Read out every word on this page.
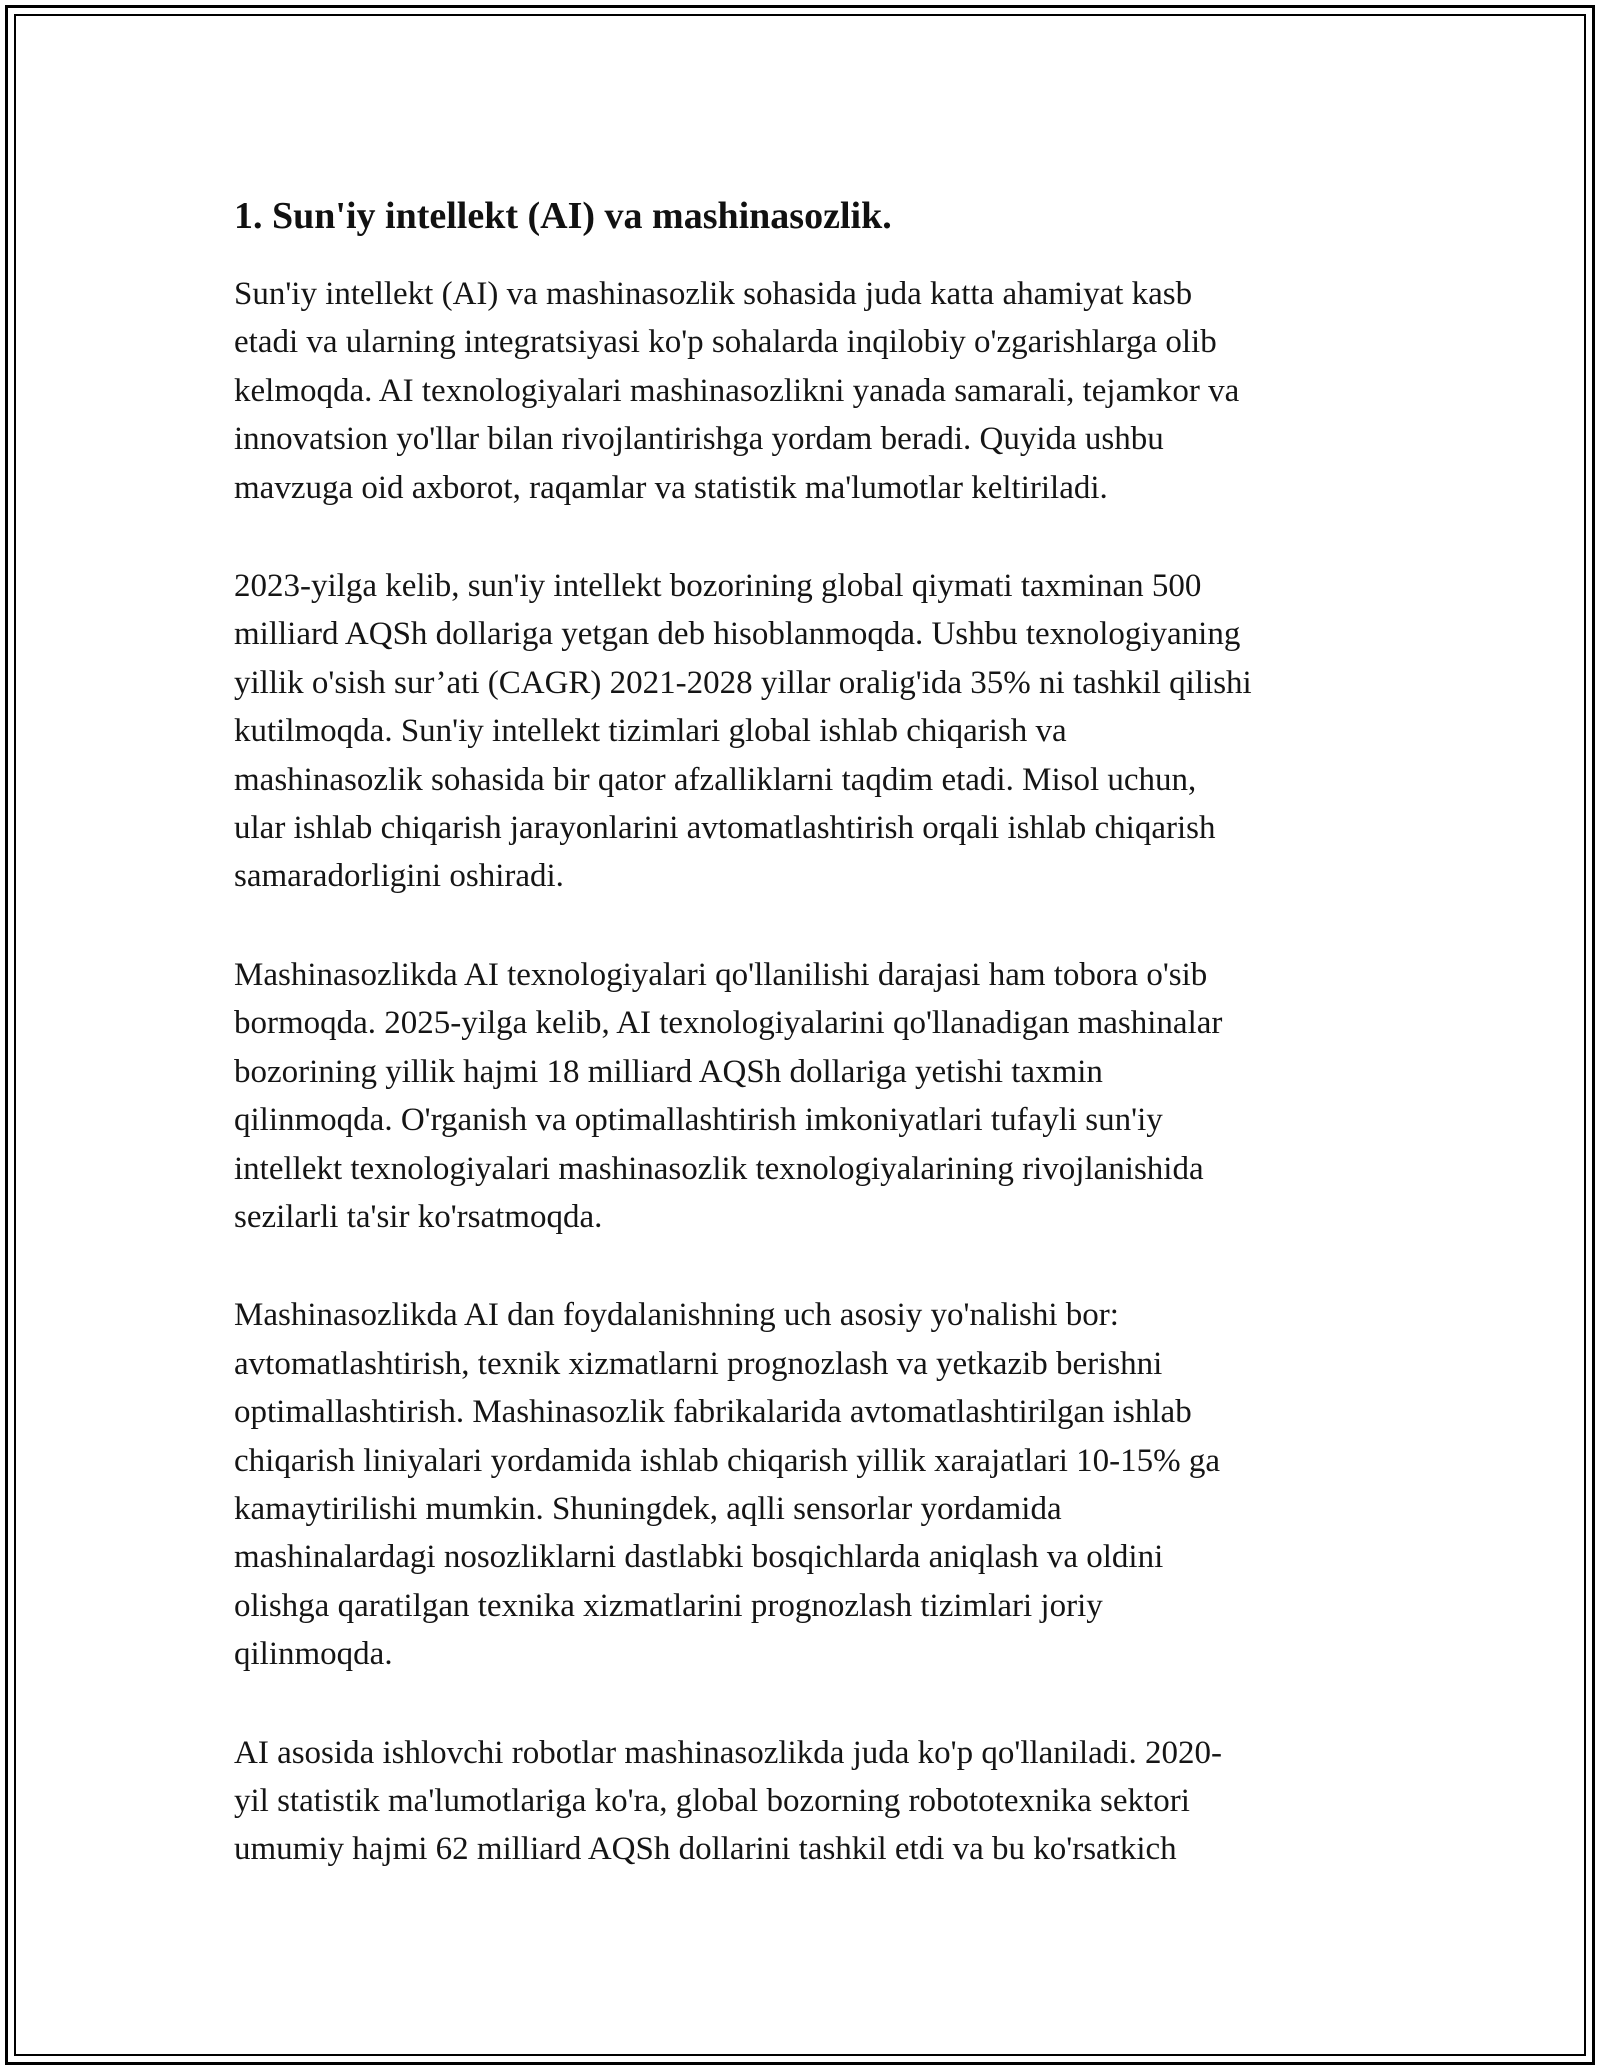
1. Sun'iy intellekt (AI) va mashinasozlik.

Sun'iy intellekt (AI) va mashinasozlik sohasida juda katta ahamiyat kasb
etadi va ularning integratsiyasi ko'p sohalarda inqilobiy o'zgarishlarga olib
kelmoqda. AI texnologiyalari mashinasozlikni yanada samarali, tejamkor va
innovatsion yo'llar bilan rivojlantirishga yordam beradi. Quyida ushbu
mavzuga oid axborot, raqamlar va statistik ma'lumotlar keltiriladi.

2023-yilga kelib, sun'iy intellekt bozorining global qiymati taxminan 500
milliard AQSh dollariga yetgan deb hisoblanmoqda. Ushbu texnologiyaning
yillik o'sish sur’ati (CAGR) 2021-2028 yillar oralig'ida 35% ni tashkil qilishi
kutilmoqda. Sun'iy intellekt tizimlari global ishlab chiqarish va
mashinasozlik sohasida bir qator afzalliklarni taqdim etadi. Misol uchun,
ular ishlab chiqarish jarayonlarini avtomatlashtirish orqali ishlab chiqarish
samaradorligini oshiradi.

Mashinasozlikda AI texnologiyalari qo'llanilishi darajasi ham tobora o'sib
bormoqda. 2025-yilga kelib, AI texnologiyalarini qo'llanadigan mashinalar
bozorining yillik hajmi 18 milliard AQSh dollariga yetishi taxmin
qilinmoqda. O'rganish va optimallashtirish imkoniyatlari tufayli sun'iy
intellekt texnologiyalari mashinasozlik texnologiyalarining rivojlanishida
sezilarli ta'sir ko'rsatmoqda.

Mashinasozlikda AI dan foydalanishning uch asosiy yo'nalishi bor:
avtomatlashtirish, texnik xizmatlarni prognozlash va yetkazib berishni
optimallashtirish. Mashinasozlik fabrikalarida avtomatlashtirilgan ishlab
chiqarish liniyalari yordamida ishlab chiqarish yillik xarajatlari 10-15% ga
kamaytirilishi mumkin. Shuningdek, aqlli sensorlar yordamida
mashinalardagi nosozliklarni dastlabki bosqichlarda aniqlash va oldini
olishga qaratilgan texnika xizmatlarini prognozlash tizimlari joriy
qilinmoqda.

AI asosida ishlovchi robotlar mashinasozlikda juda ko'p qo'llaniladi. 2020-
yil statistik ma'lumotlariga ko'ra, global bozorning robototexnika sektori
umumiy hajmi 62 milliard AQSh dollarini tashkil etdi va bu ko'rsatkich
